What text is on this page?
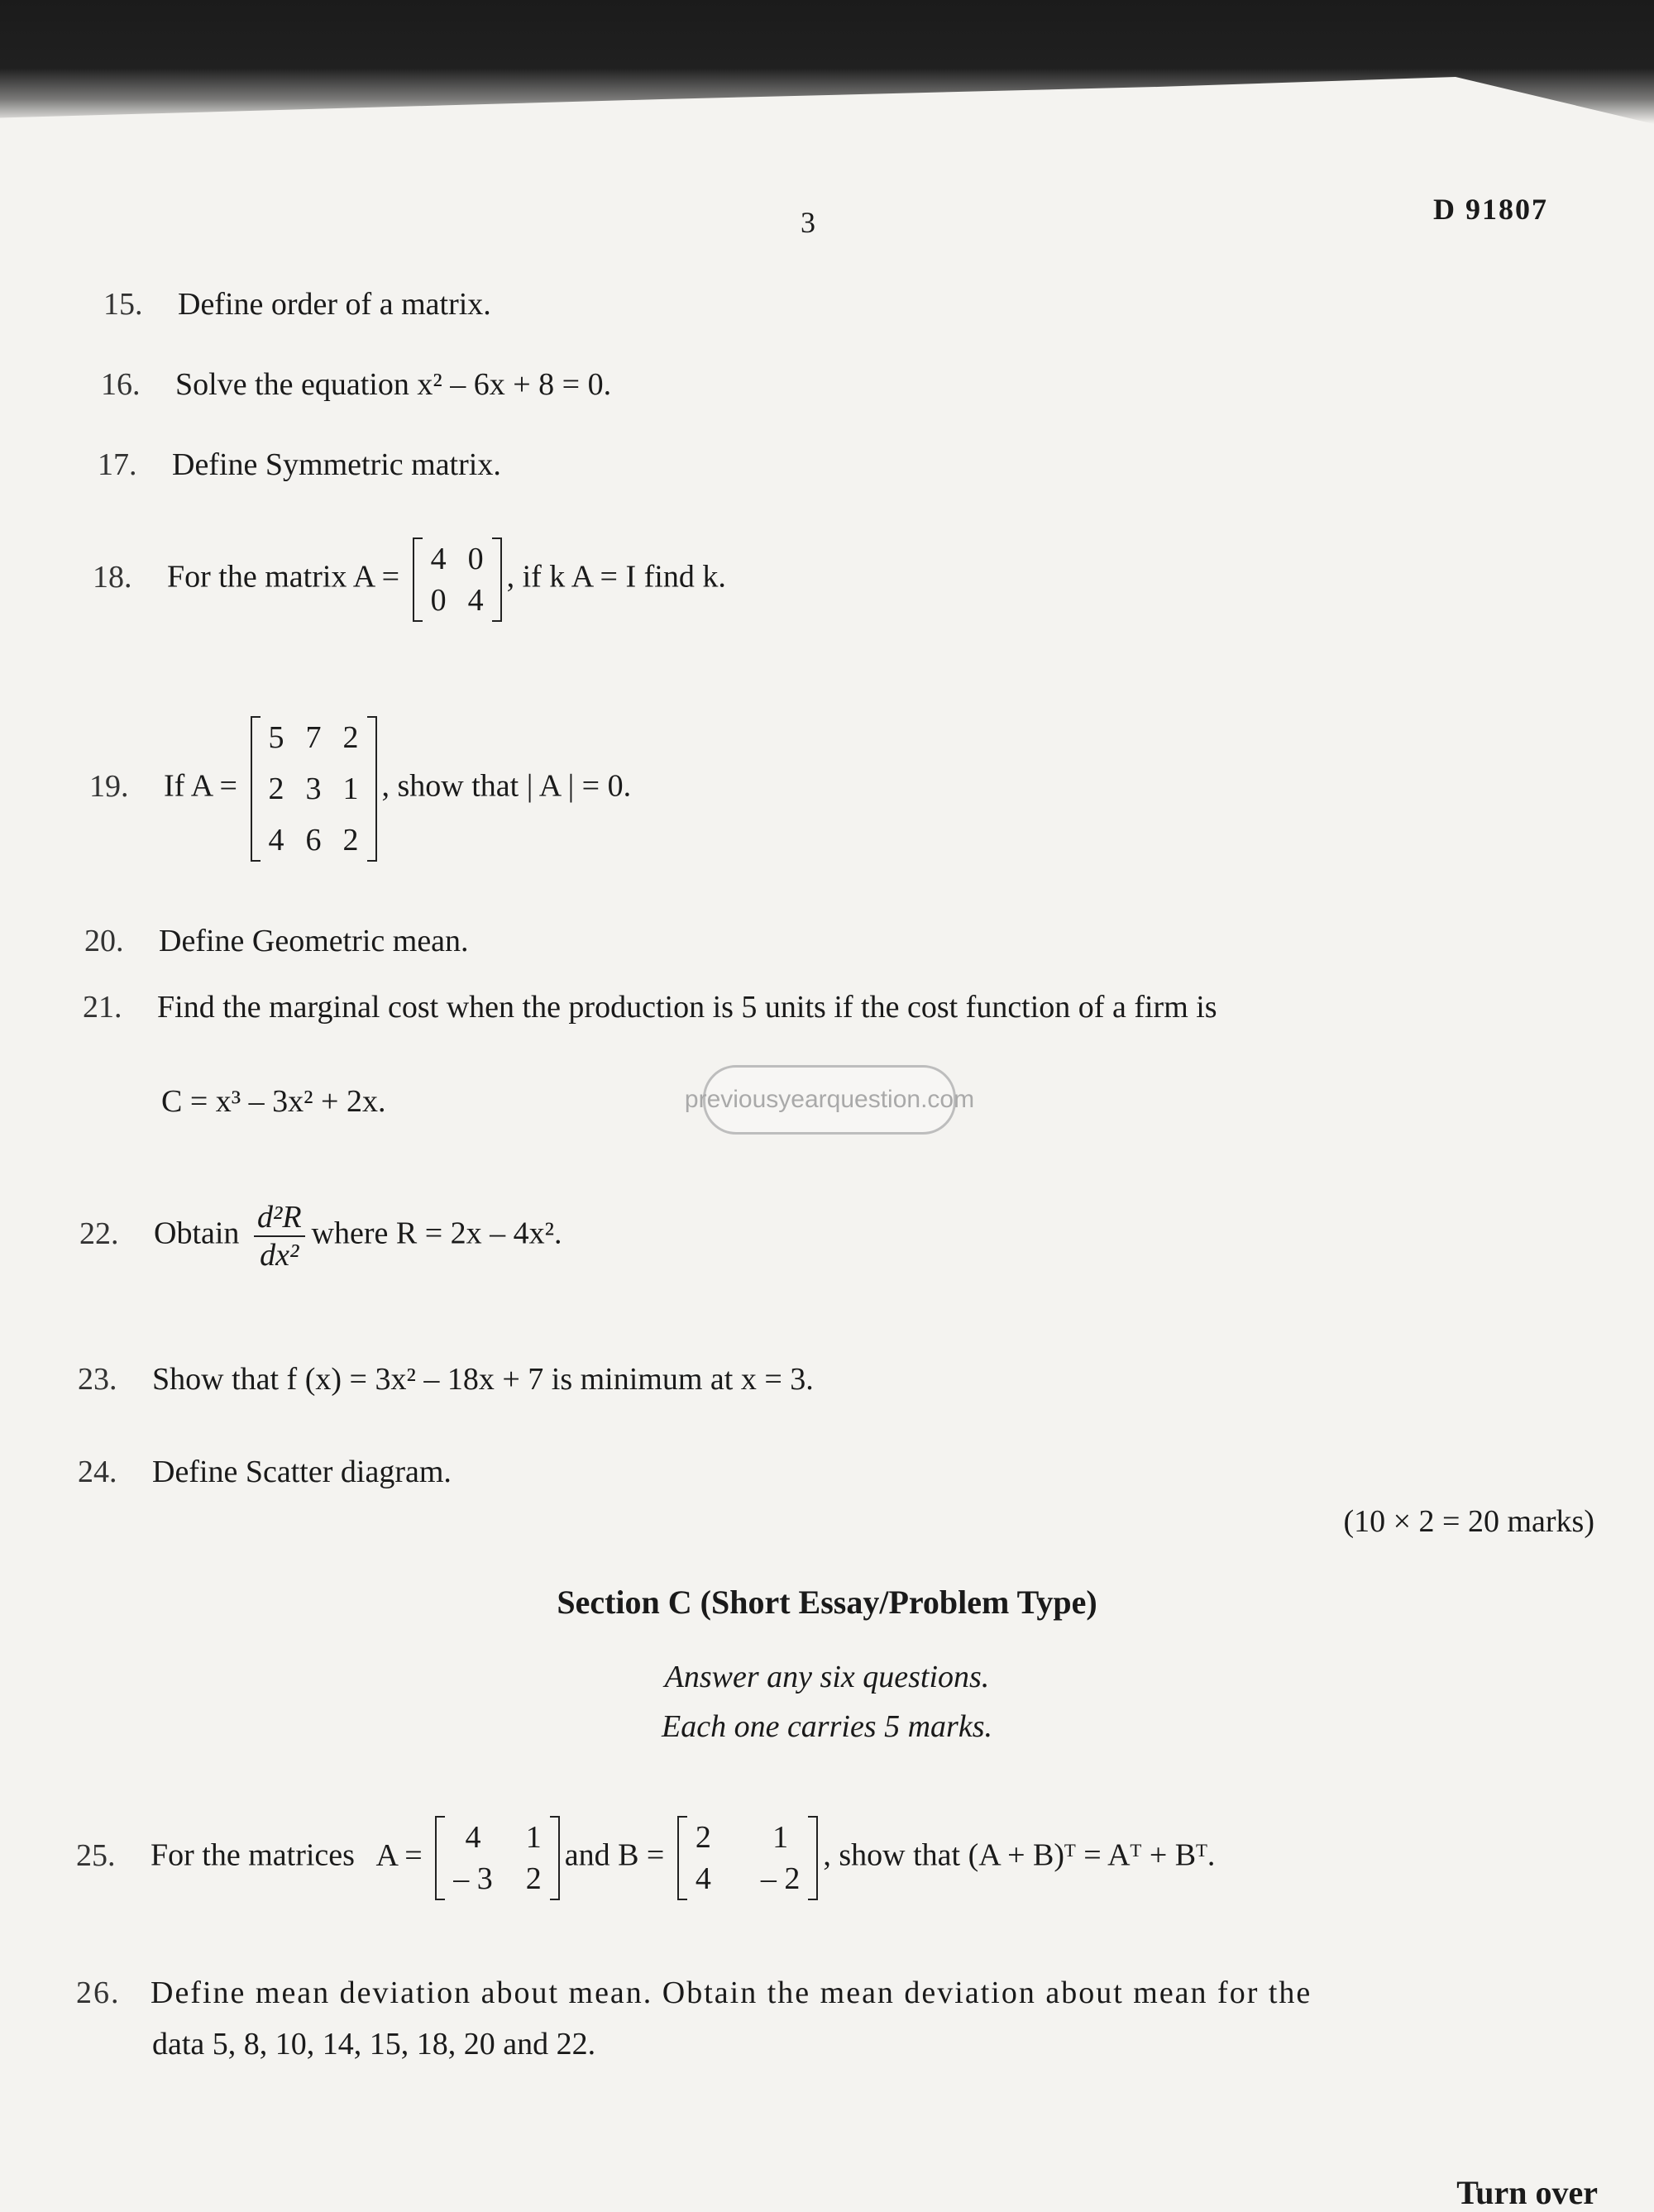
3	D 91807
15. Define order of a matrix.
16. Solve the equation x² – 6x + 8 = 0.
17. Define Symmetric matrix.
18. For the matrix A =
4 0
0 4
, if k A = I find k.
19. If A =
5 7 2
2 3 1
4 6 2
, show that | A | = 0.
20. Define Geometric mean.
21. Find the marginal cost when the production is 5 units if the cost function of a firm is
C = x³ – 3x² + 2x.	previousyearquestion.com
22. Obtain $\frac{\text{d²R}}{\text{dx²}}$ where R = 2x – 4x².
23. Show that f (x) = 3x² – 18x + 7 is minimum at x = 3.
24. Define Scatter diagram.
(10 × 2 = 20 marks)
Section C (Short Essay/Problem Type)
Answer any six questions.
Each one carries 5 marks.
25. For the matrices A =
4 1
– 3 2
and B =
2 1
4 – 2
, show that (A + B)ᵀ = Aᵀ + Bᵀ.
26. Define mean deviation about mean. Obtain the mean deviation about mean for the
data 5, 8, 10, 14, 15, 18, 20 and 22.
Turn over
